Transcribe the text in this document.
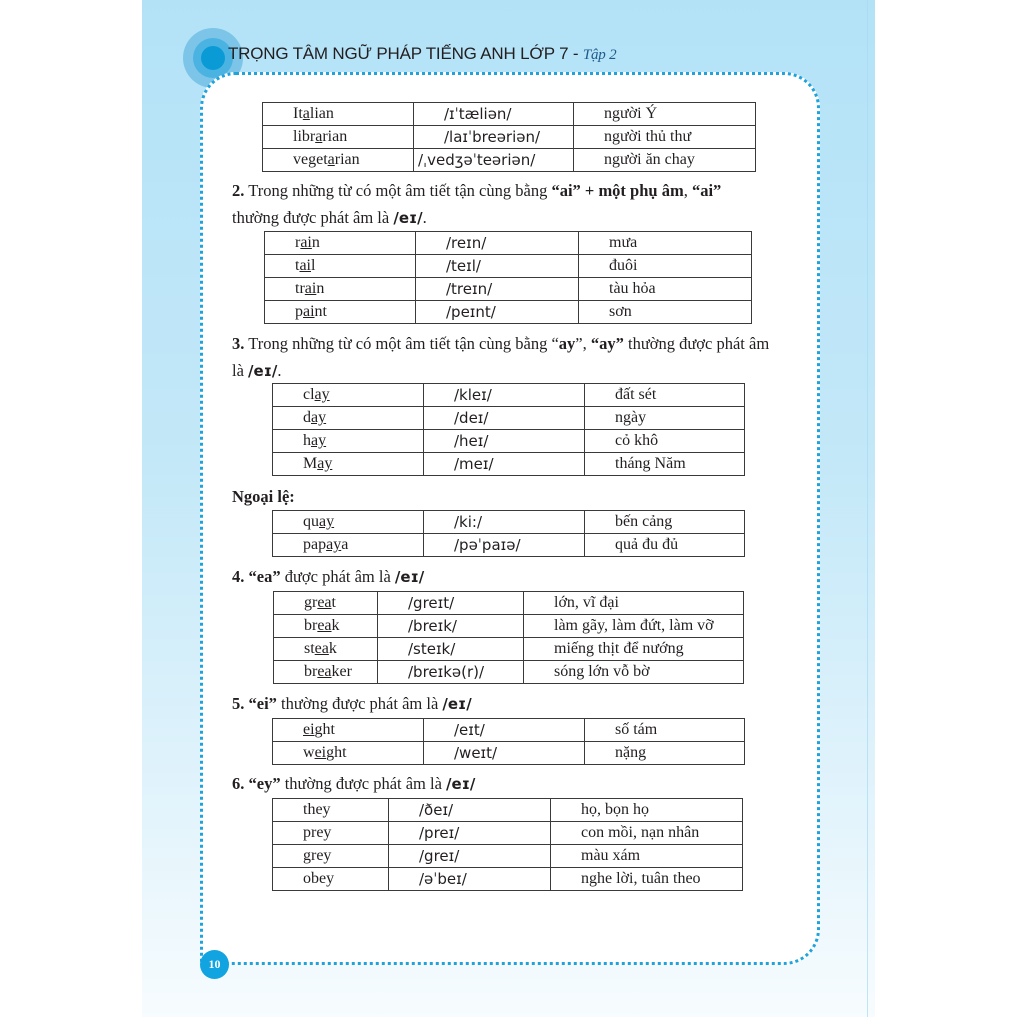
TRỌNG TÂM NGỮ PHÁP TIẾNG ANH LỚP 7 - Tập 2
Italian	/ɪˈtæliən/	người Ý
librarian	/laɪˈbreəriən/	người thủ thư
vegetarian	/ˌvedʒəˈteəriən/	người ăn chay
2. Trong những từ có một âm tiết tận cùng bằng “ai” + một phụ âm, “ai”
thường được phát âm là /eɪ/.
rain	/reɪn/	mưa
tail	/teɪl/	đuôi
train	/treɪn/	tàu hỏa
paint	/peɪnt/	sơn
3. Trong những từ có một âm tiết tận cùng bằng “ay”, “ay” thường được phát âm
là /eɪ/.
clay	/kleɪ/	đất sét
day	/deɪ/	ngày
hay	/heɪ/	cỏ khô
May	/meɪ/	tháng Năm
Ngoại lệ:
quay	/ki:/	bến cảng
papaya	/pəˈpaɪə/	quả đu đủ
4. “ea” được phát âm là /eɪ/
great	/greɪt/	lớn, vĩ đại
break	/breɪk/	làm gãy, làm đứt, làm vỡ
steak	/steɪk/	miếng thịt để nướng
breaker	/breɪkə(r)/	sóng lớn vỗ bờ
5. “ei” thường được phát âm là /eɪ/
eight	/eɪt/	số tám
weight	/weɪt/	nặng
6. “ey” thường được phát âm là /eɪ/
they	/ðeɪ/	họ, bọn họ
prey	/preɪ/	con mồi, nạn nhân
grey	/greɪ/	màu xám
obey	/əˈbeɪ/	nghe lời, tuân theo
10
